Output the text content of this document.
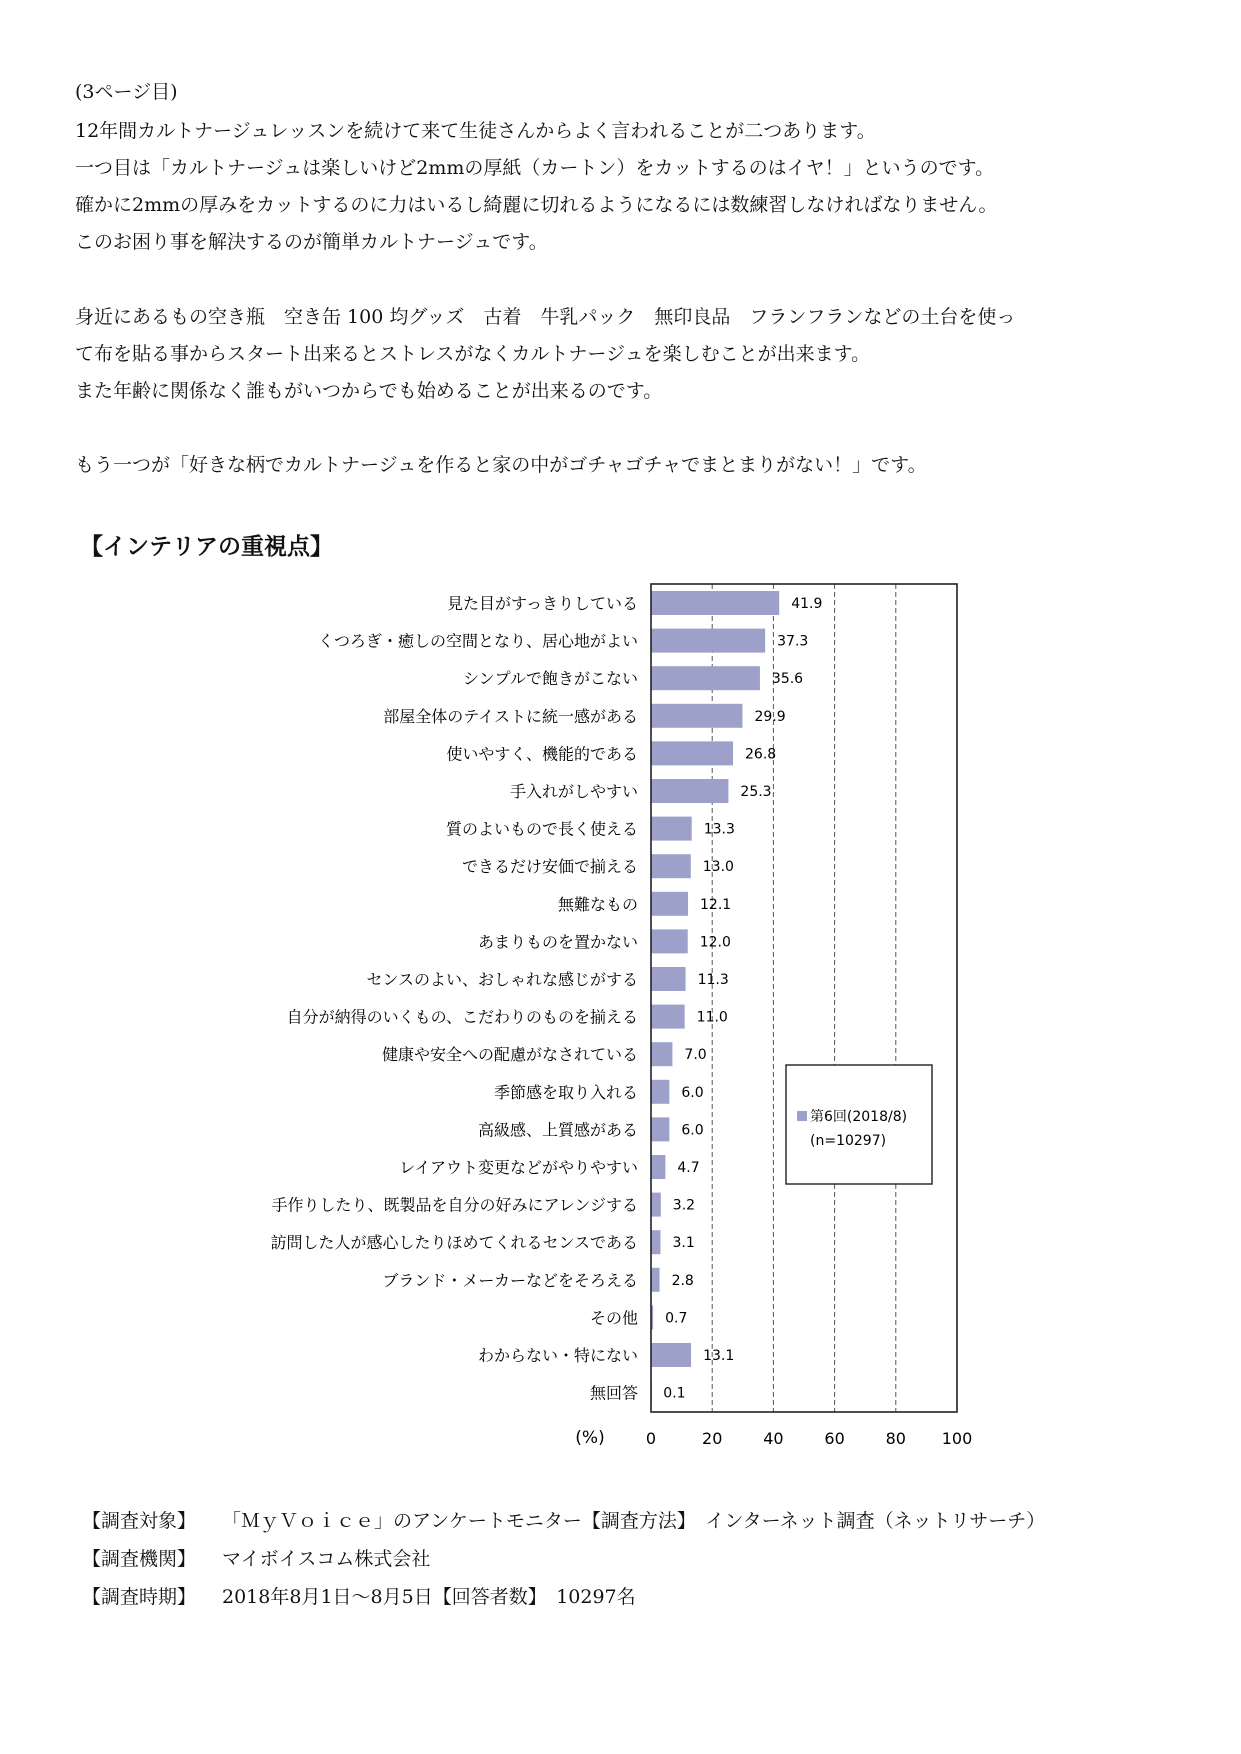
(3ページ目)

12年間カルトナージュレッスンを続けて来て生徒さんからよく言われることが二つあります。

一つ目は「カルトナージュは楽しいけど2mmの厚紙（カートン）をカットするのはイヤ！」というのです。

確かに2mmの厚みをカットするのに力はいるし綺麗に切れるようになるには数練習しなければなりません。

このお困り事を解決するのが簡単カルトナージュです。

身近にあるもの空き瓶　空き缶 100 均グッズ　古着　牛乳パック　無印良品　フランフランなどの土台を使っ

て布を貼る事からスタート出来るとストレスがなくカルトナージュを楽しむことが出来ます。

また年齢に関係なく誰もがいつからでも始めることが出来るのです。

もう一つが「好きな柄でカルトナージュを作ると家の中がゴチャゴチャでまとまりがない！」です。

【インテリアの重視点】
見た目がすっきりしている
くつろぎ・癒しの空間となり、居心地がよい
シンプルで飽きがこない
部屋全体のテイストに統一感がある
使いやすく、機能的である
手入れがしやすい
質のよいもので長く使える
できるだけ安価で揃える
無難なもの
あまりものを置かない
センスのよい、おしゃれな感じがする
自分が納得のいくもの、こだわりのものを揃える
健康や安全への配慮がなされている
季節感を取り入れる
高級感、上質感がある
レイアウト変更などがやりやすい
手作りしたり、既製品を自分の好みにアレンジする
訪問した人が感心したりほめてくれるセンスである
ブランド・メーカーなどをそろえる
その他
わからない・特にない
無回答
41.9
37.3
35.6
29.9
26.8
25.3
13.3
13.0
12.1
12.0
11.3
11.0
7.0
6.0
6.0
4.7
3.2
3.1
2.8
0.7
13.1
0.1
0	20	40	60	80 100
(%)
第6回(2018/8)
(n=10297)

【調査対象】 「ＭｙＶｏｉｃｅ」のアンケートモニター【調査方法】　インターネット調査（ネットリサーチ）

【調査機関】 マイボイスコム株式会社

【調査時期】 2018年8月1日～8月5日【回答者数】　10297名
